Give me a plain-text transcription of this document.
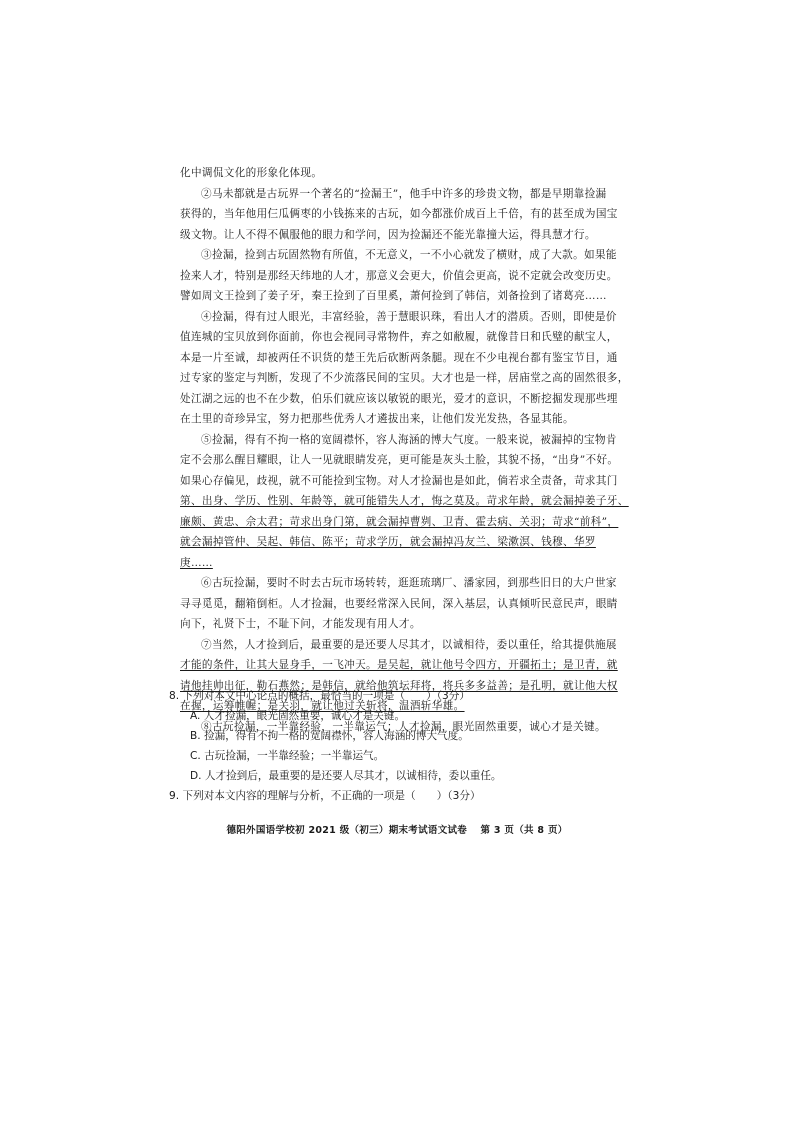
化中调侃文化的形象化体现。
②马未都就是古玩界一个著名的“捡漏王”，他手中许多的珍贵文物，都是早期靠捡漏
获得的，当年他用仨瓜俩枣的小钱拣来的古玩，如今都涨价成百上千倍，有的甚至成为国宝
级文物。让人不得不佩服他的眼力和学问，因为捡漏还不能光靠撞大运，得具慧才行。
③捡漏，捡到古玩固然物有所值，不无意义，一不小心就发了横财，成了大款。如果能
捡来人才，特别是那经天纬地的人才，那意义会更大，价值会更高，说不定就会改变历史。
譬如周文王捡到了姜子牙，秦王捡到了百里奚，萧何捡到了韩信，刘备捡到了诸葛亮……
④捡漏，得有过人眼光，丰富经验，善于慧眼识珠，看出人才的潜质。否则，即使是价
值连城的宝贝放到你面前，你也会视同寻常物件，弃之如敝履，就像昔日和氏璧的献宝人，
本是一片至诚，却被两任不识货的楚王先后砍断两条腿。现在不少电视台都有鉴宝节目，通
过专家的鉴定与判断，发现了不少流落民间的宝贝。大才也是一样，居庙堂之高的固然很多，
处江湖之远的也不在少数，伯乐们就应该以敏锐的眼光，爱才的意识，不断挖掘发现那些埋
在土里的奇珍异宝，努力把那些优秀人才遴拔出来，让他们发光发热，各显其能。
⑤捡漏，得有不拘一格的宽阔襟怀，容人海涵的博大气度。一般来说，被漏掉的宝物肯
定不会那么醒目耀眼，让人一见就眼睛发亮，更可能是灰头土脸，其貌不扬，“出身”不好。
如果心存偏见，歧视，就不可能捡到宝物。对人才捡漏也是如此，倘若求全责备，苛求其门
第、出身、学历、性别、年龄等，就可能错失人才，悔之莫及。苛求年龄，就会漏掉姜子牙、
廉颇、黄忠、佘太君；苛求出身门第，就会漏掉曹刿、卫青、霍去病、关羽；苛求“前科”，
就会漏掉管仲、吴起、韩信、陈平；苛求学历，就会漏掉冯友兰、梁漱溟、钱穆、华罗
庚……
⑥古玩捡漏，要时不时去古玩市场转转，逛逛琉璃厂、潘家园，到那些旧日的大户世家
寻寻觅觅，翻箱倒柜。人才捡漏，也要经常深入民间，深入基层，认真倾听民意民声，眼睛
向下，礼贤下士，不耻下问，才能发现有用人才。
⑦当然，人才捡到后，最重要的是还要人尽其才，以诚相待，委以重任，给其提供施展
才能的条件，让其大显身手，一飞冲天。是吴起，就让他号令四方，开疆拓土；是卫青，就
请他挂帅出征，勒石燕然；是韩信，就给他筑坛拜将，将兵多多益善；是孔明，就让他大权
在握，运筹帷幄；是关羽，就让他过关斩将，温酒斩华雄。
⑧古玩捡漏，一半靠经验，一半靠运气；人才捡漏，眼光固然重要，诚心才是关键。
8. 下列对本文中心论点的概括，最恰当的一项是（　　）（3分）
A. 人才捡漏，眼光固然重要，诚心才是关键。
B. 捡漏，得有不拘一格的宽阔襟怀，容人海涵的博大气度。
C. 古玩捡漏，一半靠经验；一半靠运气。
D. 人才捡到后，最重要的是还要人尽其才，以诚相待，委以重任。
9. 下列对本文内容的理解与分析，不正确的一项是（　　）（3分）
德阳外国语学校初 2021 级（初三）期末考试语文试卷　 第 3 页（共 8 页）
